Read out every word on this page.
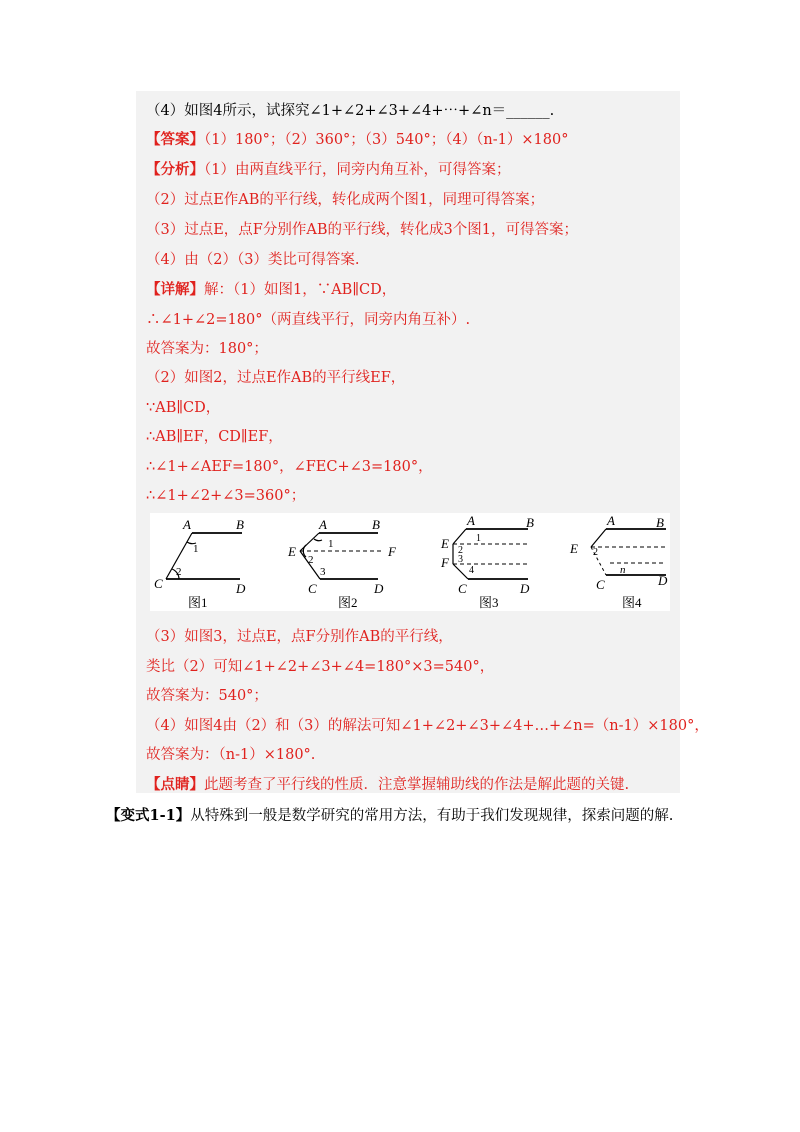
（4）如图4所示，试探究∠1+∠2+∠3+∠4+⋯+∠n＝______.
【答案】（1）180°；（2）360°；（3）540°；（4）（n-1）×180°
【分析】（1）由两直线平行，同旁内角互补，可得答案；
（2）过点E作AB的平行线，转化成两个图1，同理可得答案；
（3）过点E，点F分别作AB的平行线，转化成3个图1，可得答案；
（4）由（2）（3）类比可得答案.
【详解】解：（1）如图1，∵AB∥CD，
∴∠1+∠2=180°（两直线平行，同旁内角互补）.
故答案为：180°；
（2）如图2，过点E作AB的平行线EF，
∵AB∥CD，
∴AB∥EF，CD∥EF，
∴∠1+∠AEF=180°，∠FEC+∠3=180°，
∴∠1+∠2+∠3=360°；
A	B
C	D
1
2
图1
A	B
E	F
C	D
1
2
3
图2
A	B
E
F
C	D
1
2
3
4
图3
A	B
E
C	D
2
n
图4
（3）如图3，过点E，点F分别作AB的平行线，
类比（2）可知∠1+∠2+∠3+∠4=180°×3=540°，
故答案为：540°；
（4）如图4由（2）和（3）的解法可知∠1+∠2+∠3+∠4+…+∠n=（n-1）×180°，
故答案为：（n-1）×180°.
【点睛】此题考查了平行线的性质．注意掌握辅助线的作法是解此题的关键.
【变式1-1】从特殊到一般是数学研究的常用方法，有助于我们发现规律，探索问题的解.
